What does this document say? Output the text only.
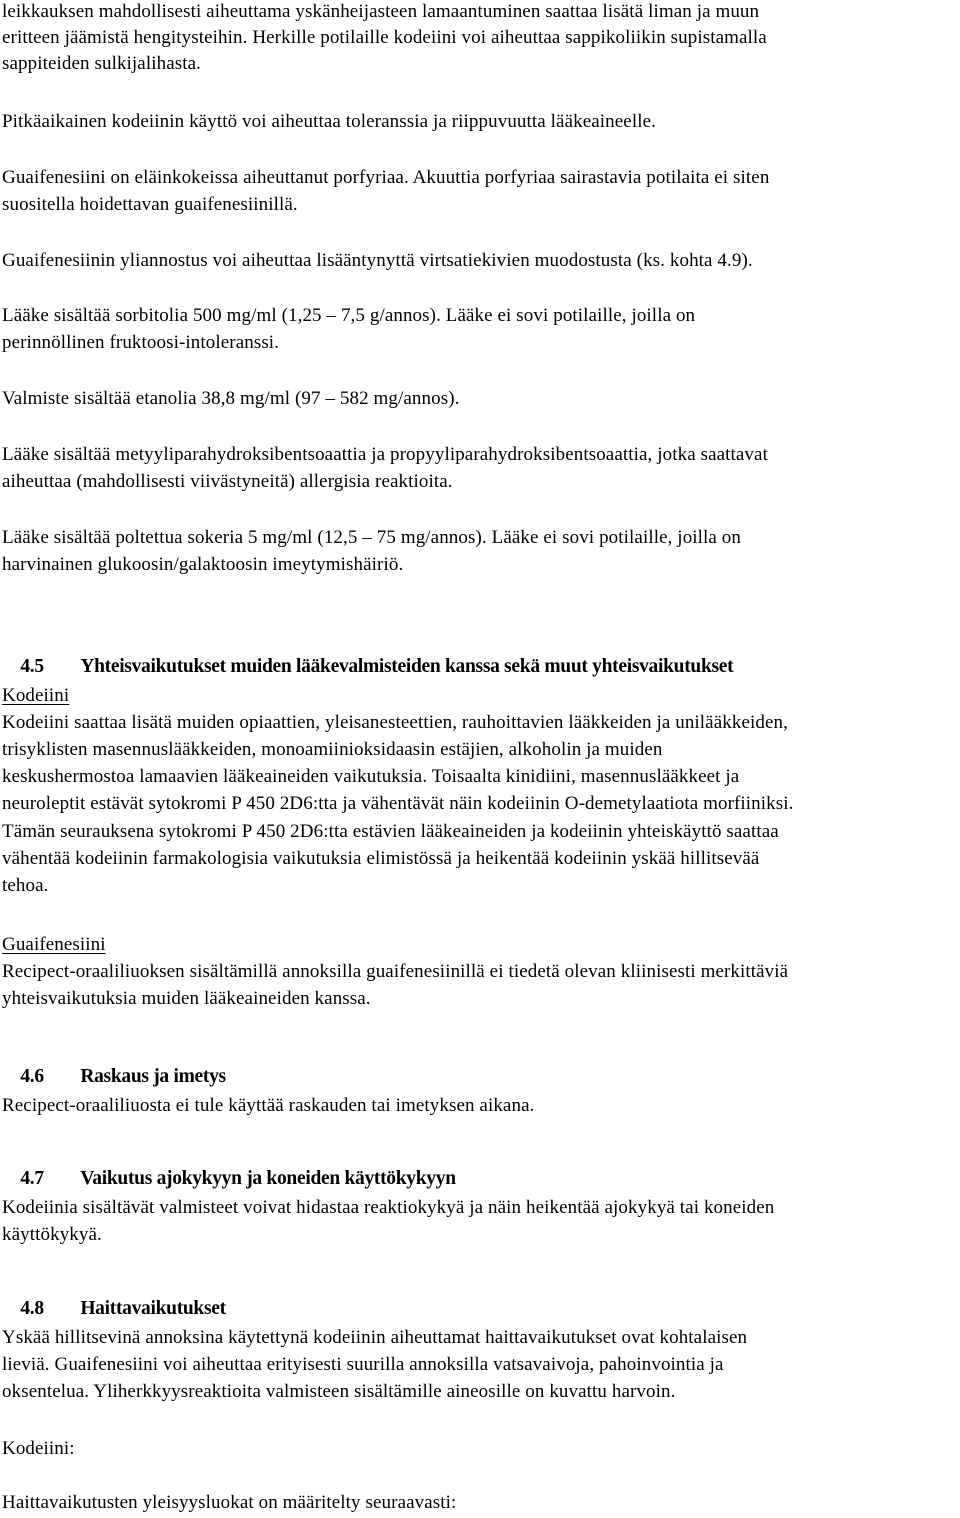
leikkauksen mahdollisesti aiheuttama yskänheijasteen lamaantuminen saattaa lisätä liman ja muun
eritteen jäämistä hengitysteihin. Herkille potilaille kodeiini voi aiheuttaa sappikoliikin supistamalla
sappiteiden sulkijalihasta.
Pitkäaikainen kodeiinin käyttö voi aiheuttaa toleranssia ja riippuvuutta lääkeaineelle.
Guaifenesiini on eläinkokeissa aiheuttanut porfyriaa. Akuuttia porfyriaa sairastavia potilaita ei siten
suositella hoidettavan guaifenesiinillä.
Guaifenesiinin yliannostus voi aiheuttaa lisääntynyttä virtsatiekivien muodostusta (ks. kohta 4.9).
Lääke sisältää sorbitolia 500 mg/ml (1,25 – 7,5 g/annos). Lääke ei sovi potilaille, joilla on
perinnöllinen fruktoosi-intoleranssi.
Valmiste sisältää etanolia 38,8 mg/ml (97 – 582 mg/annos).
Lääke sisältää metyyliparahydroksibentsoaattia ja propyyliparahydroksibentsoaattia, jotka saattavat
aiheuttaa (mahdollisesti viivästyneitä) allergisia reaktioita.
Lääke sisältää poltettua sokeria 5 mg/ml (12,5 – 75 mg/annos). Lääke ei sovi potilaille, joilla on
harvinainen glukoosin/galaktoosin imeytymishäiriö.

4.5 Yhteisvaikutukset muiden lääkevalmisteiden kanssa sekä muut yhteisvaikutukset

Kodeiini
Kodeiini saattaa lisätä muiden opiaattien, yleisanesteettien, rauhoittavien lääkkeiden ja unilääkkeiden,
trisyklisten masennuslääkkeiden, monoamiinioksidaasin estäjien, alkoholin ja muiden
keskushermostoa lamaavien lääkeaineiden vaikutuksia. Toisaalta kinidiini, masennuslääkkeet ja
neuroleptit estävät sytokromi P 450 2D6:tta ja vähentävät näin kodeiinin O-demetylaatiota morfiiniksi.
Tämän seurauksena sytokromi P 450 2D6:tta estävien lääkeaineiden ja kodeiinin yhteiskäyttö saattaa
vähentää kodeiinin farmakologisia vaikutuksia elimistössä ja heikentää kodeiinin yskää hillitsevää
tehoa.
Guaifenesiini
Recipect-oraaliliuoksen sisältämillä annoksilla guaifenesiinillä ei tiedetä olevan kliinisesti merkittäviä
yhteisvaikutuksia muiden lääkeaineiden kanssa.

4.6 Raskaus ja imetys

Recipect-oraaliliuosta ei tule käyttää raskauden tai imetyksen aikana.

4.7 Vaikutus ajokykyyn ja koneiden käyttökykyyn

Kodeiinia sisältävät valmisteet voivat hidastaa reaktiokykyä ja näin heikentää ajokykyä tai koneiden
käyttökykyä.

4.8 Haittavaikutukset

Yskää hillitsevinä annoksina käytettynä kodeiinin aiheuttamat haittavaikutukset ovat kohtalaisen
lieviä. Guaifenesiini voi aiheuttaa erityisesti suurilla annoksilla vatsavaivoja, pahoinvointia ja
oksentelua. Yliherkkyysreaktioita valmisteen sisältämille aineosille on kuvattu harvoin.
Kodeiini:
Haittavaikutusten yleisyysluokat on määritelty seuraavasti:
